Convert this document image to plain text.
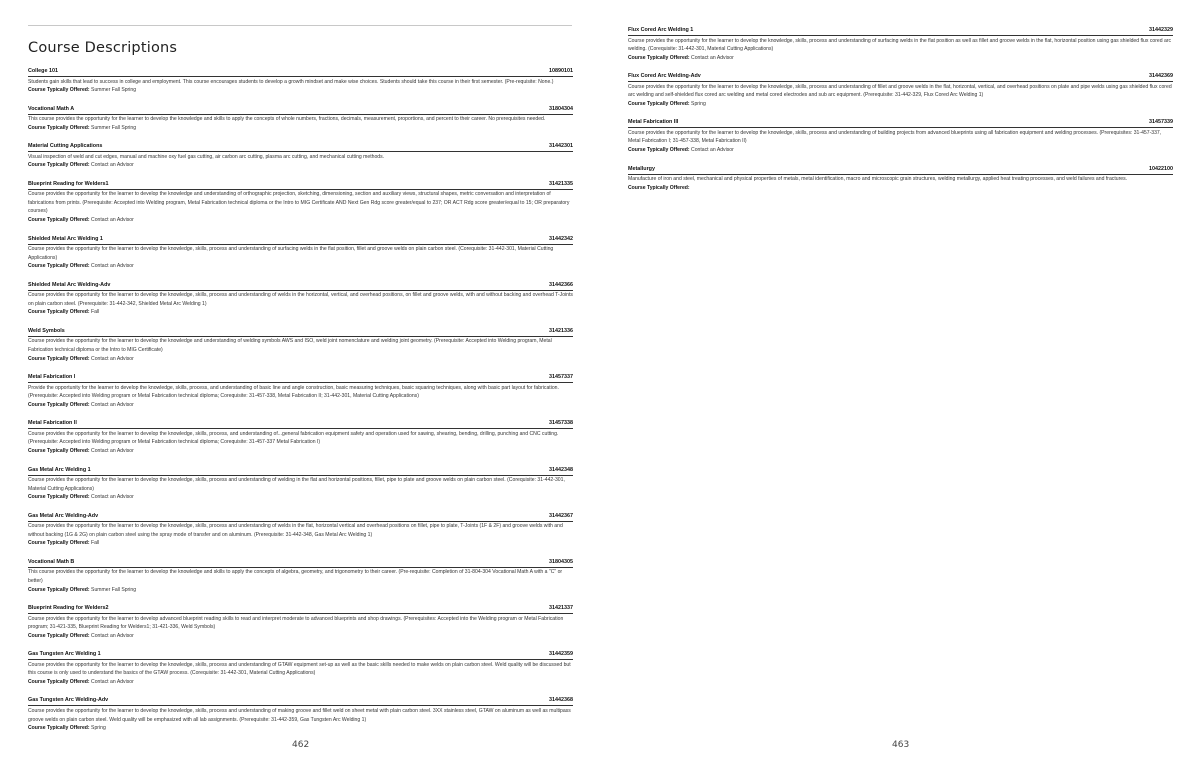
Course Descriptions
College 101	10890101
Students gain skills that lead to success in college and employment. This course encourages students to develop a growth mindset and make wise choices. Students should take this course in their first semester. (Pre-requisite: None.)
Course Typically Offered: Summer Fall Spring
Vocational Math A	31804304
This course provides the opportunity for the learner to develop the knowledge and skills to apply the concepts of whole numbers, fractions, decimals, measurement, proportions, and percent to their career. No prerequisites needed.
Course Typically Offered: Summer Fall Spring
Material Cutting Applications	31442301
Visual inspection of weld and cut edges, manual and machine oxy fuel gas cutting, air carbon arc cutting, plasma arc cutting, and mechanical cutting methods.
Course Typically Offered: Contact an Advisor
Blueprint Reading for Welders1	31421335
Course provides the opportunity for the learner to develop the knowledge and understanding of orthographic projection, sketching, dimensioning, section and auxiliary views, structural shapes, metric conversation and interpretation of fabrications from prints. (Prerequisite: Accepted into Welding program, Metal Fabrication technical diploma or the Intro to MIG Certificate AND Next Gen Rdg score greater/equal to 237; OR ACT Rdg score greater/equal to 15; OR preparatory courses)
Course Typically Offered: Contact an Advisor
Shielded Metal Arc Welding 1	31442342
Course provides the opportunity for the learner to develop the knowledge, skills, process and understanding of surfacing welds in the flat position, fillet and groove welds on plain carbon steel. (Corequisite: 31-442-301, Material Cutting Applications)
Course Typically Offered: Contact an Advisor
Shielded Metal Arc Welding-Adv	31442366
Course provides the opportunity for the learner to develop the knowledge, skills, process and understanding of welds in the horizontal, vertical, and overhead positions, on fillet and groove welds, with and without backing and overhead T-Joints on plain carbon steel. (Prerequisite: 31-442-342, Shielded Metal Arc Welding 1)
Course Typically Offered: Fall
Weld Symbols	31421336
Course provides the opportunity for the learner to develop the knowledge and understanding of welding symbols AWS and ISO, weld joint nomenclature and welding joint geometry. (Prerequisite: Accepted into Welding program, Metal Fabrication technical diploma or the Intro to MIG Certificate)
Course Typically Offered: Contact an Advisor
Metal Fabrication I	31457337
Provide the opportunity for the learner to develop the knowledge, skills, process, and understanding of basic line and angle construction, basic measuring techniques, basic squaring techniques, along with basic part layout for fabrication. (Prerequisite: Accepted into Welding program or Metal Fabrication technical diploma; Corequisite: 31-457-338, Metal Fabrication II; 31-442-301, Material Cutting Applications)
Course Typically Offered: Contact an Advisor
Metal Fabrication II	31457338
Course provides the opportunity for the learner to develop the knowledge, skills, process, and understanding of...general fabrication equipment safety and operation used for sawing, shearing, bending, drilling, punching and CNC cutting. (Prerequisite: Accepted into Welding program or Metal Fabrication technical diploma; Corequisite: 31-457-337 Metal Fabrication I)
Course Typically Offered: Contact an Advisor
Gas Metal Arc Welding 1	31442348
Course provides the opportunity for the learner to develop the knowledge, skills, process and understanding of welding in the flat and horizontal positions, fillet, pipe to plate and groove welds on plain carbon steel. (Corequisite: 31-442-301, Material Cutting Applications)
Course Typically Offered: Contact an Advisor
Gas Metal Arc Welding-Adv	31442367
Course provides the opportunity for the learner to develop the knowledge, skills, process and understanding of welds in the flat, horizontal vertical and overhead positions on fillet, pipe to plate, T-Joints (1F & 2F) and groove welds with and without backing (1G & 2G) on plain carbon steel using the spray mode of transfer and on aluminum. (Prerequisite: 31-442-348, Gas Metal Arc Welding 1)
Course Typically Offered: Fall
Vocational Math B	31804305
This course provides the opportunity for the learner to develop the knowledge and skills to apply the concepts of algebra, geometry, and trigonometry to their career. (Pre-requisite: Completion of 31-804-304 Vocational Math A with a "C" or better)
Course Typically Offered: Summer Fall Spring
Blueprint Reading for Welders2	31421337
Course provides the opportunity for the learner to develop advanced blueprint reading skills to read and interpret moderate to advanced blueprints and shop drawings. (Prerequisites: Accepted into the Welding program or Metal Fabrication program; 31-421-335, Blueprint Reading for Welders1; 31-421-336, Weld Symbols)
Course Typically Offered: Contact an Advisor
Gas Tungsten Arc Welding 1	31442359
Course provides the opportunity for the learner to develop the knowledge, skills, process and understanding of GTAW equipment set-up as well as the basic skills needed to make welds on plain carbon steel. Weld quality will be discussed but this course is only used to understand the basics of the GTAW process. (Corequisite: 31-442-301, Material Cutting Applications)
Course Typically Offered: Contact an Advisor
Gas Tungsten Arc Welding-Adv	31442368
Course provides the opportunity for the learner to develop the knowledge, skills, process and understanding of making groove and fillet weld on sheet metal with plain carbon steel. 3XX stainless steel, GTAW on aluminum as well as multipass groove welds on plain carbon steel. Weld quality will be emphasized with all lab assignments. (Prerequisite: 31-442-359, Gas Tungsten Arc Welding 1)
Course Typically Offered: Spring
462
Flux Cored Arc Welding 1	31442329
Course provides the opportunity for the learner to develop the knowledge, skills, process and understanding of surfacing welds in the flat position as well as fillet and groove welds in the flat, horizontal position using gas shielded flux cored arc welding. (Corequisite: 31-442-301, Material Cutting Applications)
Course Typically Offered: Contact an Advisor
Flux Cored Arc Welding-Adv	31442369
Course provides the opportunity for the learner to develop the knowledge, skills, process and understanding of fillet and groove welds in the flat, horizontal, vertical, and overhead positions on plate and pipe welds using gas shielded flux cored arc welding and self-shielded flux cored arc welding and metal cored electrodes and sub arc equipment. (Prerequisite: 31-442-329, Flux Cored Arc Welding 1)
Course Typically Offered: Spring
Metal Fabrication III	31457339
Course provides the opportunity for the learner to develop the knowledge, skills, process and understanding of building projects from advanced blueprints using all fabrication equipment and welding processes. (Prerequisites: 31-457-337, Metal Fabrication I; 31-457-338, Metal Fabrication II)
Course Typically Offered: Contact an Advisor
Metallurgy	10422100
Manufacture of iron and steel, mechanical and physical properties of metals, metal identification, macro and microscopic grain structures, welding metallurgy, applied heat treating processes, and weld failures and fractures.
Course Typically Offered:
463
